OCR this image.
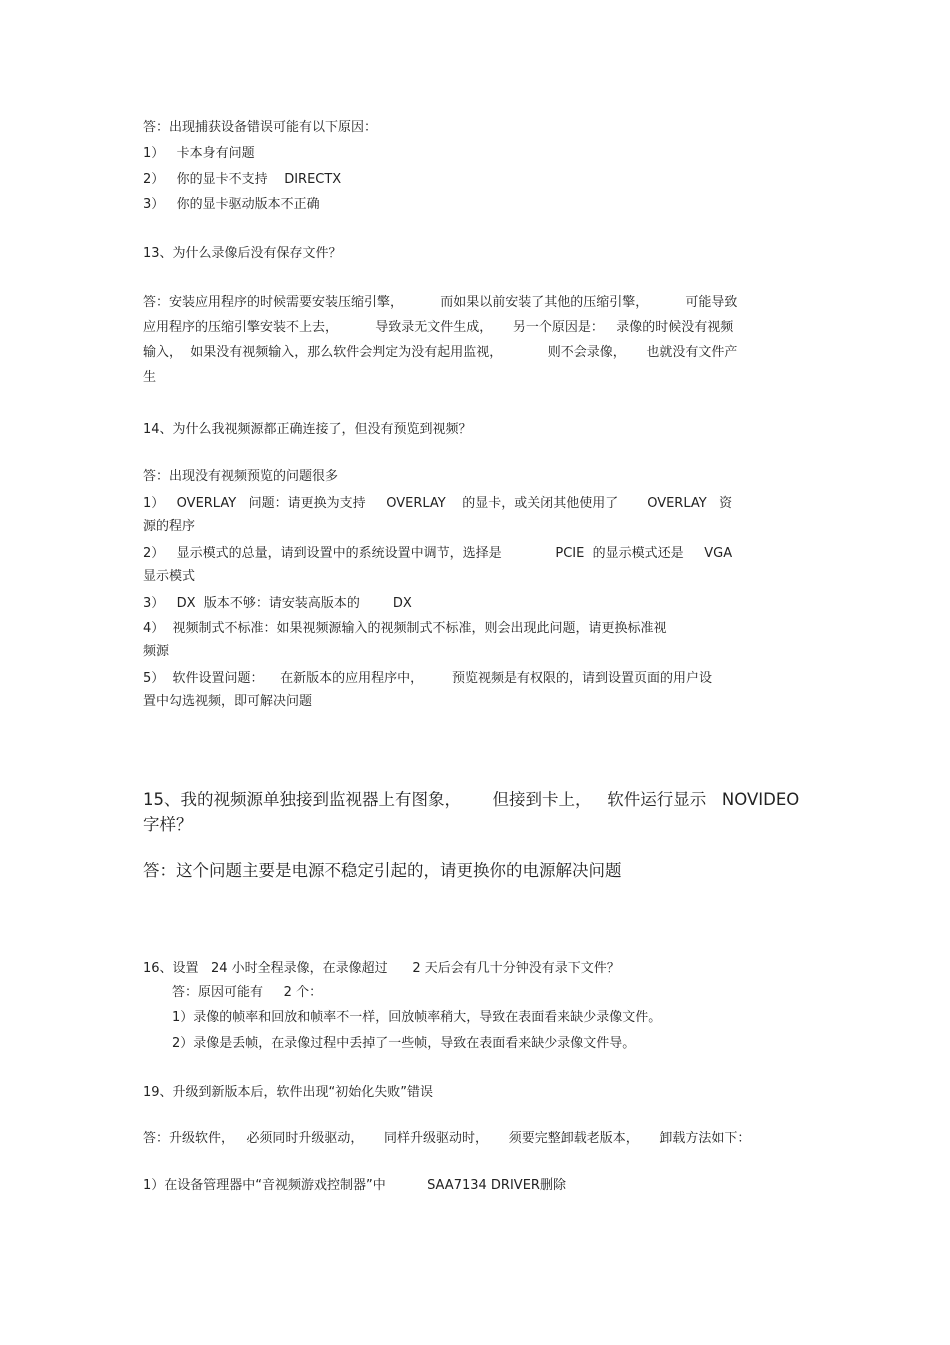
答：出现捕获设备错误可能有以下原因：
1）   卡本身有问题
2）   你的显卡不支持    DIRECTX
3）   你的显卡驱动版本不正确
13、为什么录像后没有保存文件？
答：安装应用程序的时候需要安装压缩引擎，         而如果以前安装了其他的压缩引擎，         可能导致
应用程序的压缩引擎安装不上去，         导致录无文件生成，     另一个原因是：   录像的时候没有视频
输入，  如果没有视频输入，那么软件会判定为没有起用监视，           则不会录像，     也就没有文件产
生
14、为什么我视频源都正确连接了，但没有预览到视频？
答：出现没有视频预览的问题很多
1）   OVERLAY   问题：请更换为支持     OVERLAY    的显卡，或关闭其他使用了       OVERLAY   资
源的程序
2）   显示模式的总量，请到设置中的系统设置中调节，选择是             PCIE  的显示模式还是     VGA
显示模式
3）   DX  版本不够：请安装高版本的        DX
4）  视频制式不标准：如果视频源输入的视频制式不标准，则会出现此问题，请更换标准视
频源
5）  软件设置问题：    在新版本的应用程序中，       预览视频是有权限的，请到设置页面的用户设
置中勾选视频，即可解决问题
15、我的视频源单独接到监视器上有图象，      但接到卡上，   软件运行显示   NOVIDEO
字样？
答：这个问题主要是电源不稳定引起的，请更换你的电源解决问题
16、设置   24 小时全程录像，在录像超过      2 天后会有几十分钟没有录下文件？
答：原因可能有     2 个：
1）录像的帧率和回放和帧率不一样，回放帧率稍大，导致在表面看来缺少录像文件。
2）录像是丢帧，在录像过程中丢掉了一些帧，导致在表面看来缺少录像文件导。
19、升级到新版本后，软件出现“初始化失败”错误
答：升级软件，   必须同时升级驱动，     同样升级驱动时，     须要完整卸载老版本，     卸载方法如下：
1）在设备管理器中“音视频游戏控制器”中          SAA7134 DRIVER删除
